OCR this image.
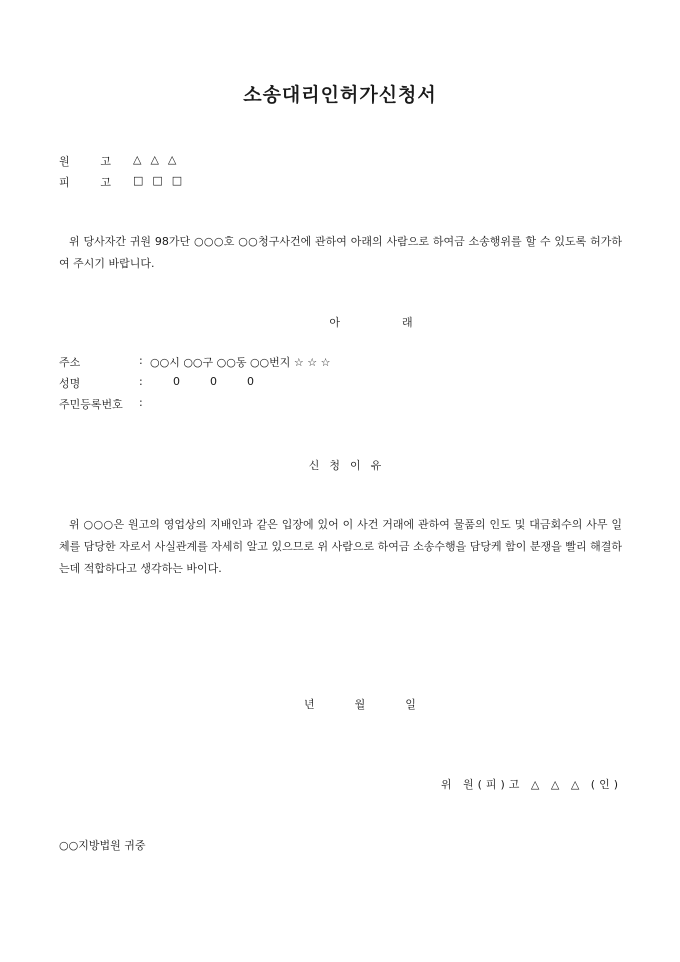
소송대리인허가신청서
원 고 △△△
피 고 □□□
위 당사자간 귀원 98가단 ○○○호 ○○청구사건에 관하여 아래의 사람으로 하여금 소송행위를 할 수 있도록 허가하여 주시기 바랍니다.
아래
주소	: ○○시 ○○구 ○○동 ○○번지 ☆ ☆ ☆
성명	:	000
주민등록번호	:
신청이유
위 ○○○은 원고의 영업상의 지배인과 같은 입장에 있어 이 사건 거래에 관하여 물품의 인도 및 대금회수의 사무 일체를 담당한 자로서 사실관계를 자세히 알고 있으므로 위 사람으로 하여금 소송수행을 담당케 함이 분쟁을 빨리 해결하는데 적합하다고 생각하는 바이다.
년월일
위 원(피)고 △ △ △ (인)
○○지방법원 귀중
